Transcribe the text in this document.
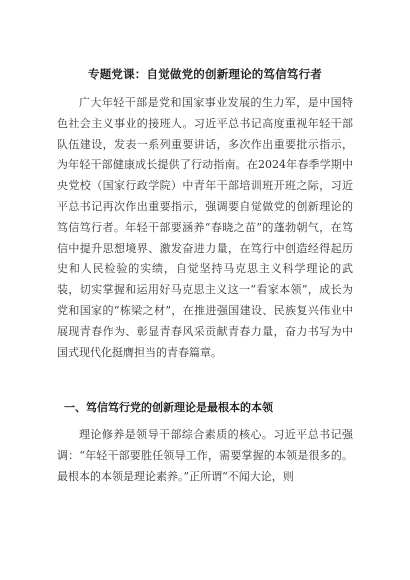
专题党课：自觉做党的创新理论的笃信笃行者

广大年轻干部是党和国家事业发展的生力军，是中国特色社会主义事业的接班人。习近平总书记高度重视年轻干部队伍建设，发表一系列重要讲话，多次作出重要批示指示，为年轻干部健康成长提供了行动指南。在2024年春季学期中央党校（国家行政学院）中青年干部培训班开班之际，习近平总书记再次作出重要指示，强调要自觉做党的创新理论的笃信笃行者。年轻干部要涵养“春晓之苗”的蓬勃朝气，在笃信中提升思想境界、激发奋进力量，在笃行中创造经得起历史和人民检验的实绩，自觉坚持马克思主义科学理论的武装，切实掌握和运用好马克思主义这一“看家本领”，成长为党和国家的“栋梁之材”，在推进强国建设、民族复兴伟业中展现青春作为、彰显青春风采贡献青春力量，奋力书写为中国式现代化挺膺担当的青春篇章。

一、笃信笃行党的创新理论是最根本的本领

理论修养是领导干部综合素质的核心。习近平总书记强调：“年轻干部要胜任领导工作，需要掌握的本领是很多的。最根本的本领是理论素养。”正所谓“不闻大论，则
